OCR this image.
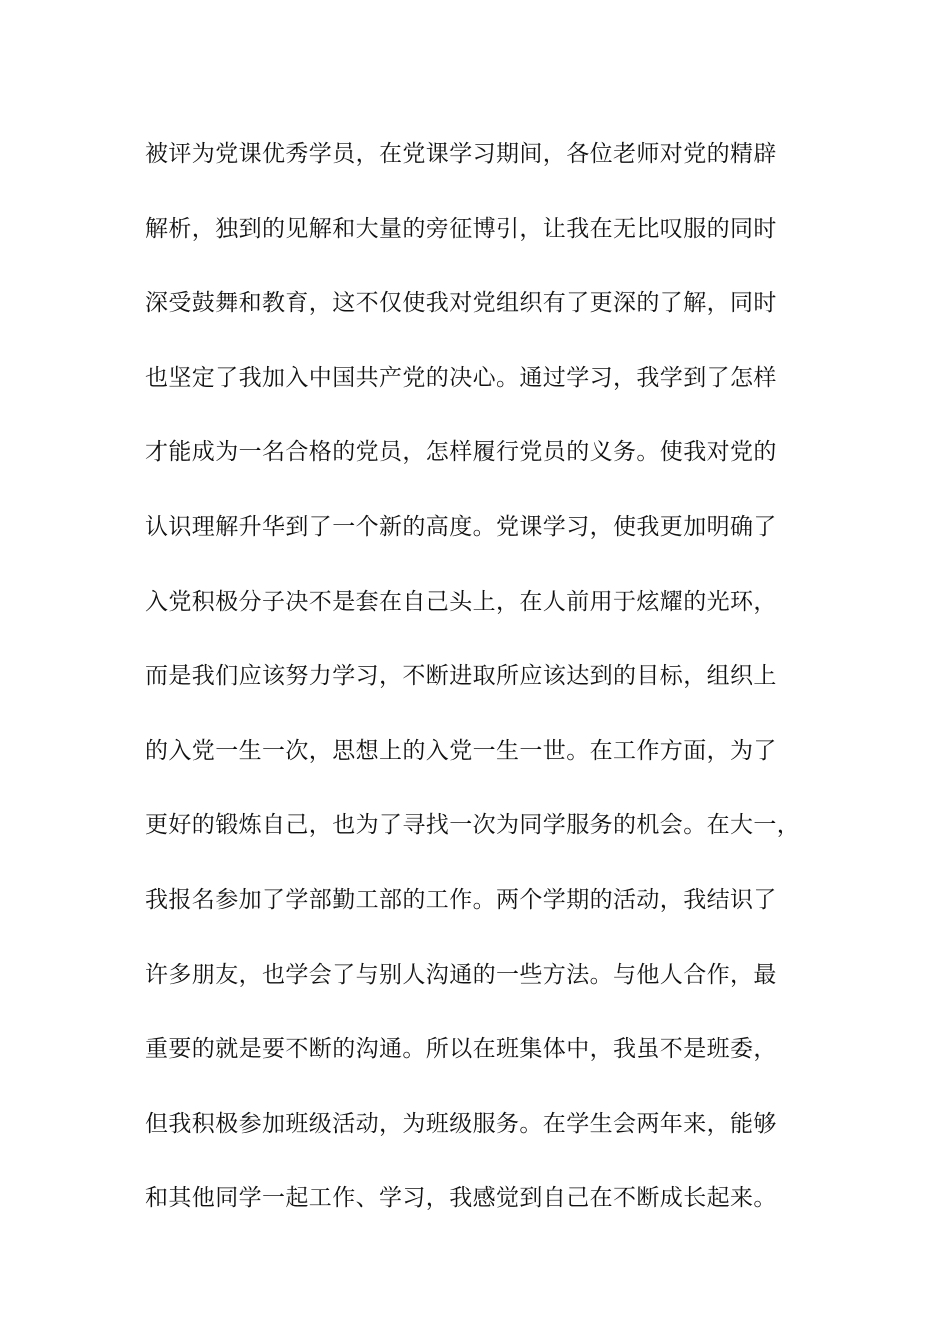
被评为党课优秀学员，在党课学习期间，各位老师对党的精辟
解析，独到的见解和大量的旁征博引，让我在无比叹服的同时
深受鼓舞和教育，这不仅使我对党组织有了更深的了解，同时
也坚定了我加入中国共产党的决心。通过学习，我学到了怎样
才能成为一名合格的党员，怎样履行党员的义务。使我对党的
认识理解升华到了一个新的高度。党课学习，使我更加明确了
入党积极分子决不是套在自己头上，在人前用于炫耀的光环，
而是我们应该努力学习，不断进取所应该达到的目标，组织上
的入党一生一次，思想上的入党一生一世。在工作方面，为了
更好的锻炼自己，也为了寻找一次为同学服务的机会。在大一，
我报名参加了学部勤工部的工作。两个学期的活动，我结识了
许多朋友，也学会了与别人沟通的一些方法。与他人合作，最
重要的就是要不断的沟通。所以在班集体中，我虽不是班委，
但我积极参加班级活动，为班级服务。在学生会两年来，能够
和其他同学一起工作、学习，我感觉到自己在不断成长起来。
